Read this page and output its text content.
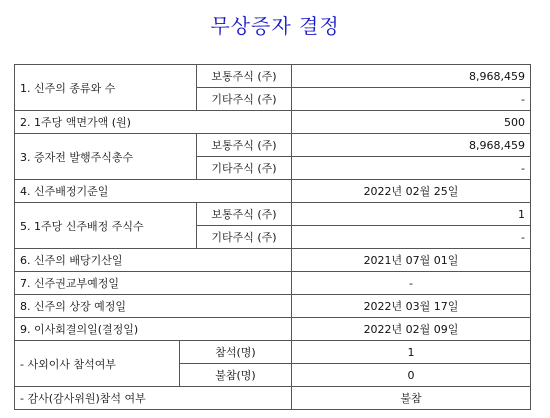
무상증자 결정
1. 신주의 종류와 수		보통주식 (주)	8,968,459
		기타주식 (주)	-
2. 1주당 액면가액 (원)			500
3. 증자전 발행주식총수		보통주식 (주)	8,968,459
		기타주식 (주)	-
4. 신주배정기준일			2022년 02월 25일
5. 1주당 신주배정 주식수		보통주식 (주)	1
		기타주식 (주)	-
6. 신주의 배당기산일			2021년 07월 01일
7. 신주권교부예정일			-
8. 신주의 상장 예정일			2022년 03월 17일
9. 이사회결의일(결정일)			2022년 02월 09일
- 사외이사 참석여부	참석(명)		1
	불참(명)		0
- 감사(감사위원)참석 여부			불참
